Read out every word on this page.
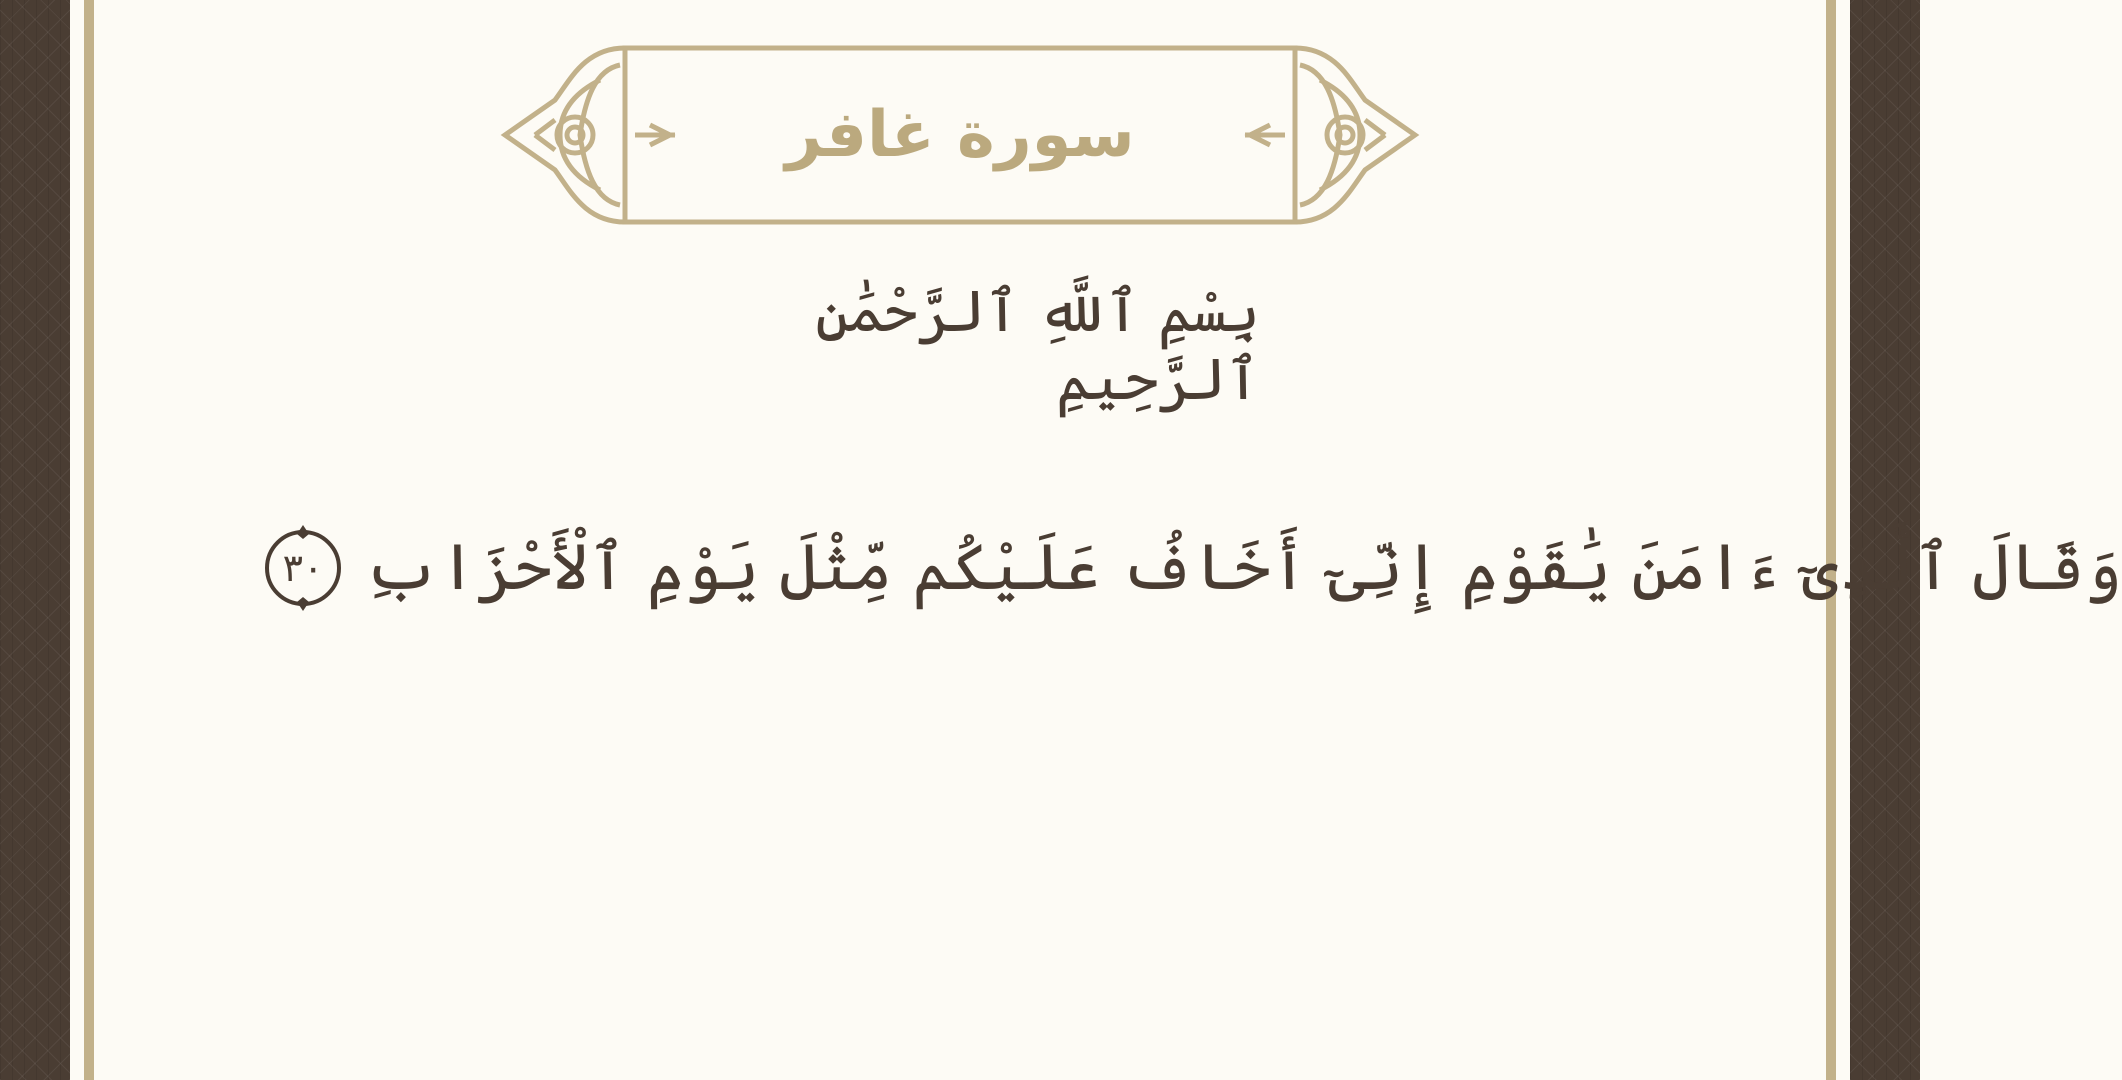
سورة غافر
بِسْمِ ٱللَّهِ ٱلرَّحْمَٰنِ ٱلرَّحِيمِ
وَقَالَ ٱلَّذِىٓ ءَامَنَ يَٰقَوْمِ إِنِّىٓ أَخَافُ عَلَيْكُم مِّثْلَ يَوْمِ ٱلْأَحْزَابِ
٣٠
